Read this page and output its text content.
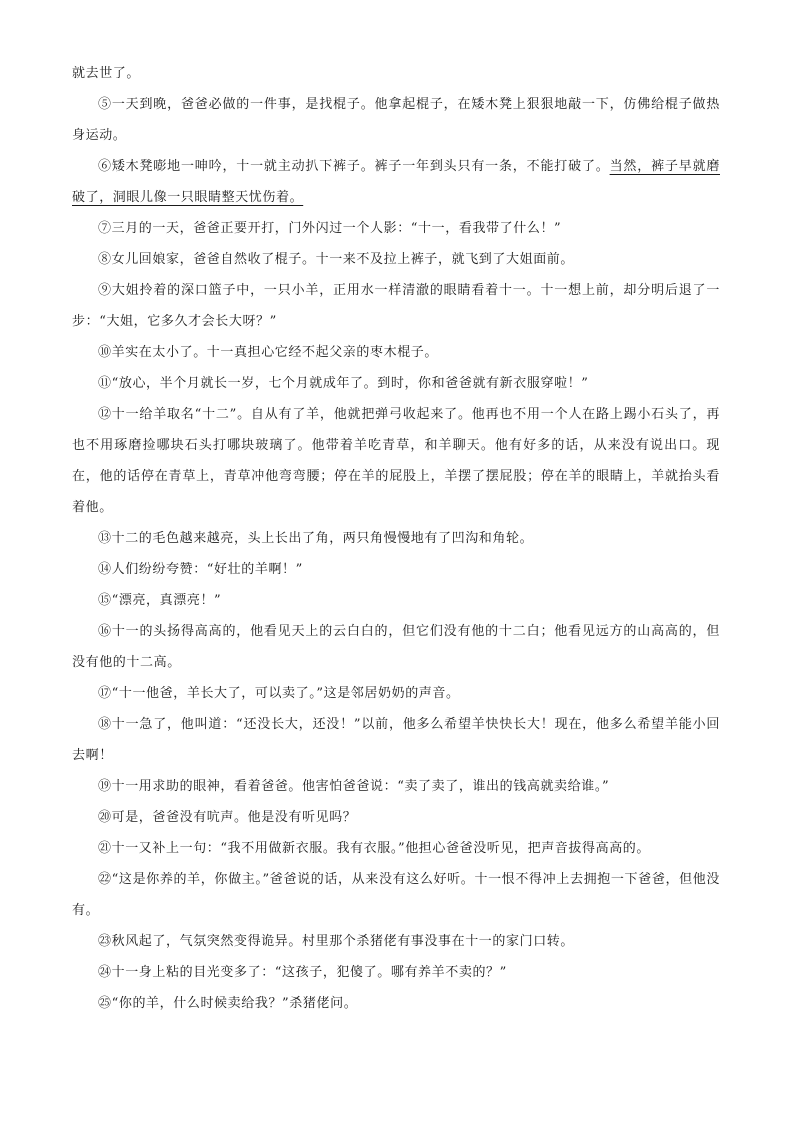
就去世了。

⑤一天到晚，爸爸必做的一件事，是找棍子。他拿起棍子，在矮木凳上狠狠地敲一下，仿佛给棍子做热身运动。

⑥矮木凳嘭地一呻吟，十一就主动扒下裤子。裤子一年到头只有一条，不能打破了。当然，裤子早就磨破了，洞眼儿像一只眼睛整天忧伤着。

⑦三月的一天，爸爸正要开打，门外闪过一个人影：“十一，看我带了什么！”

⑧女儿回娘家，爸爸自然收了棍子。十一来不及拉上裤子，就飞到了大姐面前。

⑨大姐拎着的深口篮子中，一只小羊，正用水一样清澈的眼睛看着十一。十一想上前，却分明后退了一步：“大姐，它多久才会长大呀？”

⑩羊实在太小了。十一真担心它经不起父亲的枣木棍子。

⑪“放心，半个月就长一岁，七个月就成年了。到时，你和爸爸就有新衣服穿啦！”

⑫十一给羊取名“十二”。自从有了羊，他就把弹弓收起来了。他再也不用一个人在路上踢小石头了，再也不用琢磨捡哪块石头打哪块玻璃了。他带着羊吃青草，和羊聊天。他有好多的话，从来没有说出口。现在，他的话停在青草上，青草冲他弯弯腰；停在羊的屁股上，羊摆了摆屁股；停在羊的眼睛上，羊就抬头看着他。

⑬十二的毛色越来越亮，头上长出了角，两只角慢慢地有了凹沟和角轮。

⑭人们纷纷夸赞：“好壮的羊啊！”

⑮“漂亮，真漂亮！”

⑯十一的头扬得高高的，他看见天上的云白白的，但它们没有他的十二白；他看见远方的山高高的，但没有他的十二高。

⑰“十一他爸，羊长大了，可以卖了。”这是邻居奶奶的声音。

⑱十一急了，他叫道：“还没长大，还没！”以前，他多么希望羊快快长大！现在，他多么希望羊能小回去啊！

⑲十一用求助的眼神，看着爸爸。他害怕爸爸说：“卖了卖了，谁出的钱高就卖给谁。”

⑳可是，爸爸没有吭声。他是没有听见吗？

㉑十一又补上一句：“我不用做新衣服。我有衣服。”他担心爸爸没听见，把声音拔得高高的。

㉒“这是你养的羊，你做主。”爸爸说的话，从来没有这么好听。十一恨不得冲上去拥抱一下爸爸，但他没有。

㉓秋风起了，气氛突然变得诡异。村里那个杀猪佬有事没事在十一的家门口转。

㉔十一身上粘的目光变多了：“这孩子，犯傻了。哪有养羊不卖的？”

㉕“你的羊，什么时候卖给我？”杀猪佬问。
